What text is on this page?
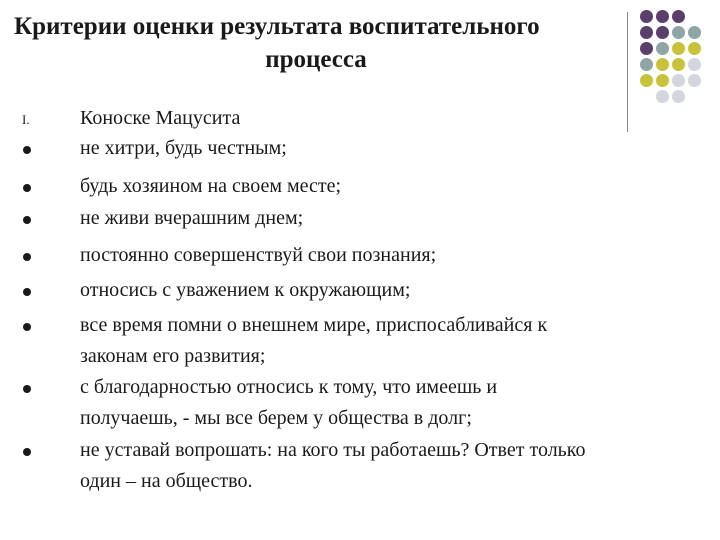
Критерии оценки результата воспитательного
процесса
I.	Коноске Мацусита
не хитри, будь честным;
будь хозяином на своем месте;
не живи вчерашним днем;
постоянно совершенствуй свои познания;
относись с уважением к окружающим;
все время помни о внешнем мире, приспосабливайся к
законам его развития;
с благодарностью относись к тому, что имеешь и
получаешь, - мы все берем у общества в долг;
не уставай вопрошать: на кого ты работаешь? Ответ только
один – на общество.
